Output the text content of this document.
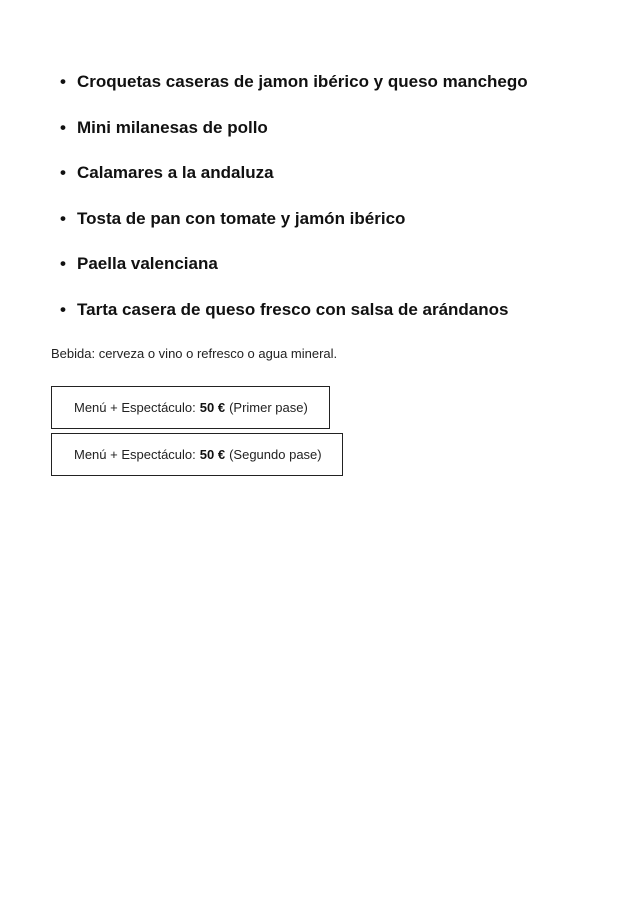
• Croquetas caseras de jamon ibérico y queso manchego
• Mini milanesas de pollo
• Calamares a la andaluza
• Tosta de pan con tomate y jamón ibérico
• Paella valenciana
• Tarta casera de queso fresco con salsa de arándanos
Bebida: cerveza o vino o refresco o agua mineral.
Menú + Espectáculo: 50 € (Primer pase)
Menú + Espectáculo: 50 € (Segundo pase)
